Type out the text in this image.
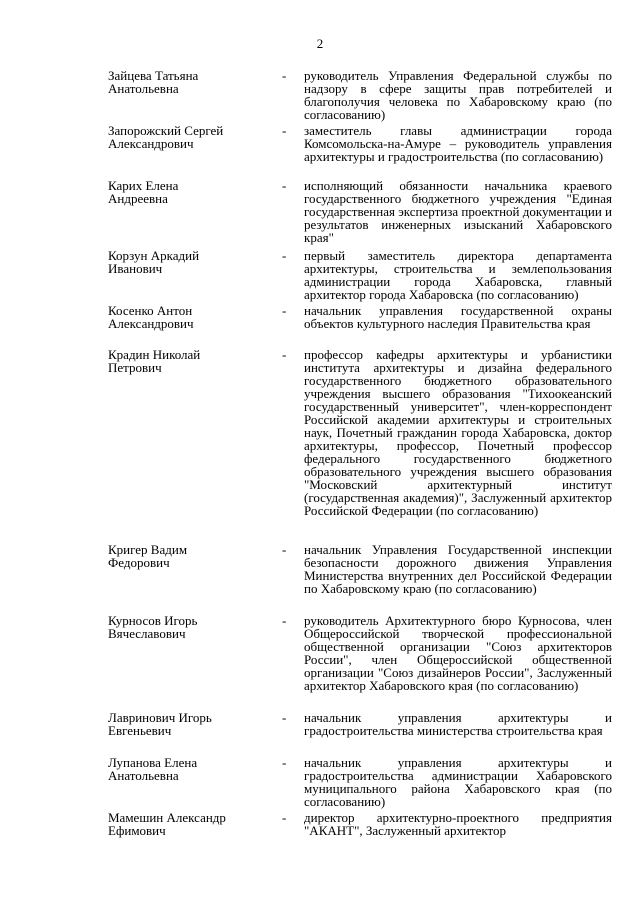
2
Зайцева Татьяна
Анатольевна
-	руководитель Управления Федеральной службы по надзору в сфере защиты прав потребителей и благополучия человека по Хабаровскому краю (по согласованию)
Запорожский Сергей
Александрович
-	заместитель главы администрации города Комсомольска-на-Амуре – руководитель управления архитектуры и градостроительства (по согласованию)
Карих Елена
Андреевна
-	исполняющий обязанности начальника краевого государственного бюджетного учреждения "Единая государственная экспертиза проектной документации и результатов инженерных изысканий Хабаровского края"
Корзун Аркадий
Иванович
-	первый заместитель директора департамента архитектуры, строительства и землепользования администрации города Хабаровска, главный архитектор города Хабаровска (по согласованию)
Косенко Антон
Александрович
-	начальник управления государственной охраны объектов культурного наследия Правительства края
Крадин Николай
Петрович
-	профессор кафедры архитектуры и урбанистики института архитектуры и дизайна федерального государственного бюджетного образовательного учреждения высшего образования "Тихоокеанский государственный университет", член-корреспондент Российской академии архитектуры и строительных наук, Почетный гражданин города Хабаровска, доктор архитектуры, профессор, Почетный профессор федерального государственного бюджетного образовательного учреждения высшего образования "Московский архитектурный институт (государственная академия)", Заслуженный архитектор Российской Федерации (по согласованию)
Кригер Вадим
Федорович
-	начальник Управления Государственной инспекции безопасности дорожного движения Управления Министерства внутренних дел Российской Федерации по Хабаровскому краю (по согласованию)
Курносов Игорь
Вячеславович
-	руководитель Архитектурного бюро Курносова, член Общероссийской творческой профессиональной общественной организации "Союз архитекторов России", член Общероссийской общественной организации "Союз дизайнеров России", Заслуженный архитектор Хабаровского края (по согласованию)
Лавринович Игорь
Евгеньевич
-	начальник управления архитектуры и градостроительства министерства строительства края
Лупанова Елена
Анатольевна
-	начальник управления архитектуры и градостроительства администрации Хабаровского муниципального района Хабаровского края (по согласованию)
Мамешин Александр
Ефимович
-	директор архитектурно-проектного предприятия "АКАНТ", Заслуженный архитектор
